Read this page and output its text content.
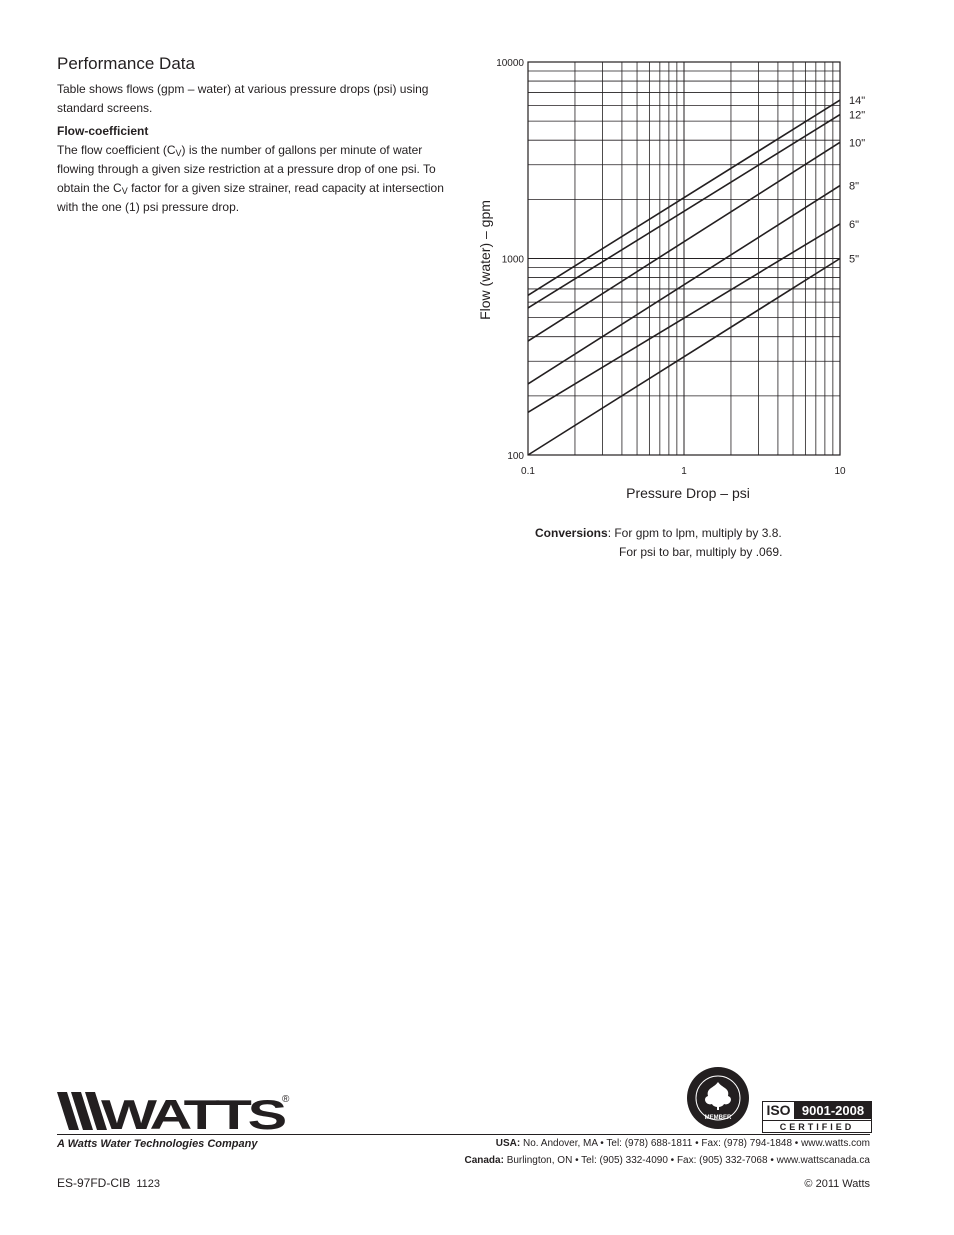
Performance Data
Table shows flows (gpm – water) at various pressure drops (psi) using standard screens.
Flow-coefficient
The flow coefficient $(C_V)$ is the number of gallons per minute of water flowing through a given size restriction at a pressure drop of one psi. To obtain the $C_V$ factor for a given size strainer, read capacity at intersection with the one (1) psi pressure drop.
14"
12"
10"
8"
6"
5"
0.1	1	10
10000
1000
100
Pressure Drop – psi
Flow (water) – gpm
Conversions: For gpm to lpm, multiply by 3.8.
For psi to bar, multiply by .069.
WATTS
®
A Watts Water Technologies Company	USA: No. Andover, MA • Tel: (978) 688-1811 • Fax: (978) 794-1848 • www.watts.com
Canada: Burlington, ON • Tel: (905) 332-4090 • Fax: (905) 332-7068 • www.wattscanada.ca
ES-97FD-CIB 1123	© 2011 Watts
MEMBER	ISO 9001-2008
CERTIFIED
